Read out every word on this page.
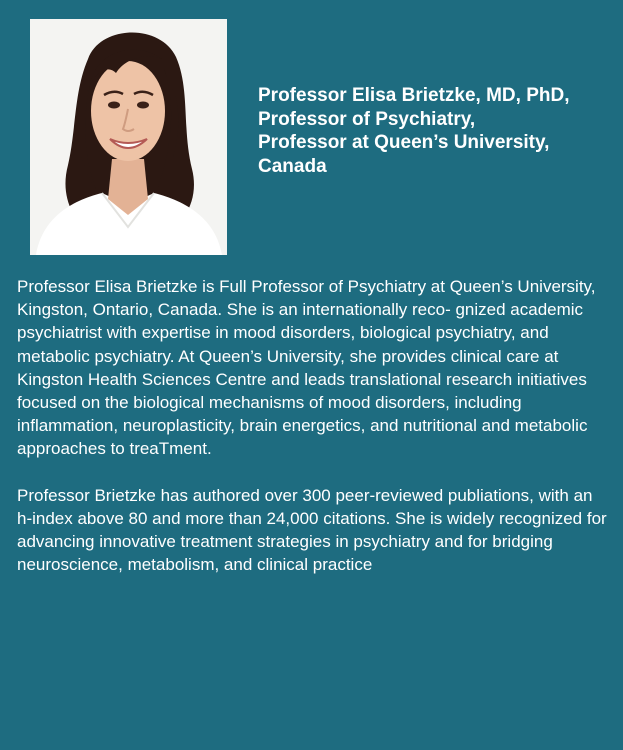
Professor Elisa Brietzke, MD, PhD,
Professor of Psychiatry,
Professor at Queen’s University,
Canada

Professor Elisa Brietzke is Full Professor of Psychiatry at Queen’s University, Kingston, Ontario, Canada. She is an internationally reco- gnized academic psychiatrist with expertise in mood disorders, biological psychiatry, and metabolic psychiatry. At Queen’s University, she provides clinical care at Kingston Health Sciences Centre and leads translational research initiatives focused on the biological mechanisms of mood disorders, including inflammation, neuroplasticity, brain energetics, and nutritional and metabolic approaches to treaTment.

Professor Brietzke has authored over 300 peer-reviewed publiations, with an h-index above 80 and more than 24,000 citations. She is widely recognized for advancing innovative treatment strategies in psychiatry and for bridging neuroscience, metabolism, and clinical practice
